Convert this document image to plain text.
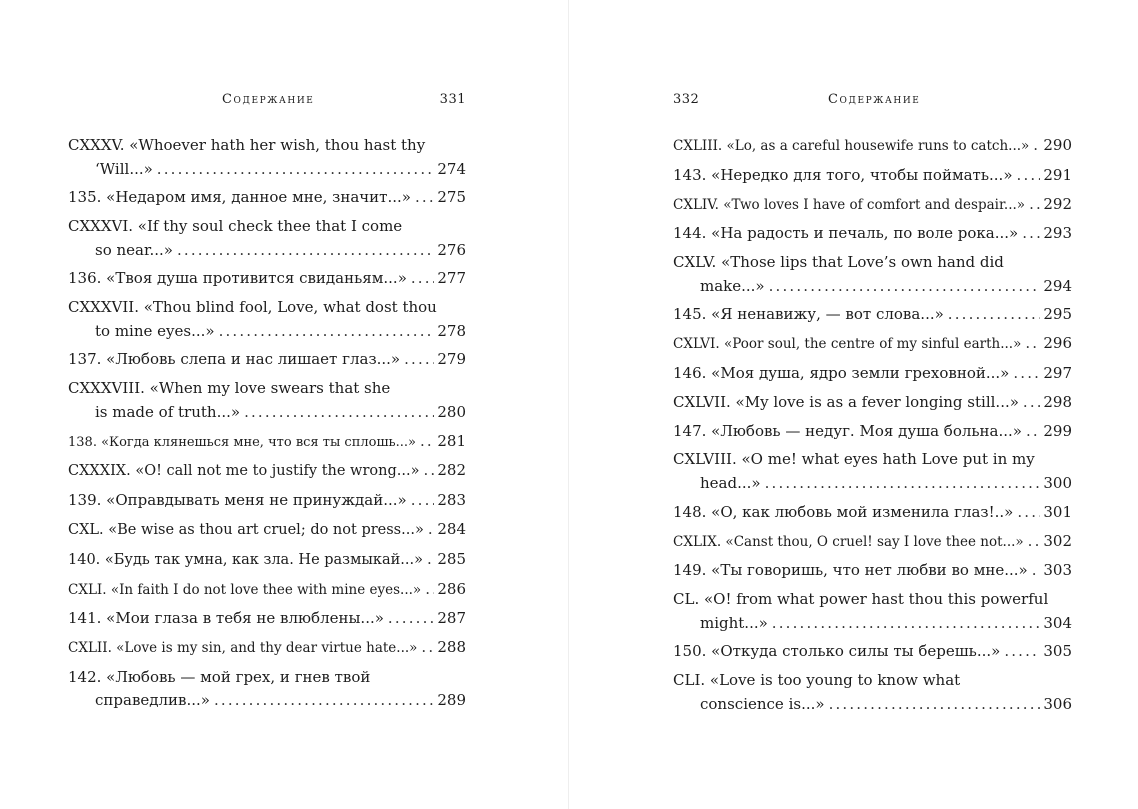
Содержание	331
CXXXV. «Whoever hath her wish, thou hast thy
‘Will...» . . .	274
135. «Недаром имя, данное мне, значит...» . . . 275
CXXXVI. «If thy soul check thee that I come
so near...» . . .	276
136. «Твоя душа противится свиданьям...» . . . 277
CXXXVII. «Thou blind fool, Love, what dost thou
to mine eyes...» . . .	278
137. «Любовь слепа и нас лишает глаз...» . . . 279
CXXXVIII. «When my love swears that she
is made of truth...» . . .	280
138. «Когда клянешься мне, что вся ты сплошь...» . . . 281
CXXXIX. «O! call not me to justify the wrong...» . . . 282
139. «Оправдывать меня не принуждай...» . . . 283
CXL. «Be wise as thou art cruel; do not press...» . . . 284
140. «Будь так умна, как зла. Не размыкай...» . . . 285
CXLI. «In faith I do not love thee with mine eyes...» . . . 286
141. «Мои глаза в тебя не влюблены...» . . .	287
CXLII. «Love is my sin, and thy dear virtue hate...» . . . 288
142. «Любовь — мой грех, и гнев твой
справедлив...» . . .	289
332	Содержание
CXLIII. «Lo, as a careful housewife runs to catch...» . . . 290
143. «Нередко для того, чтобы поймать...» . . . 291
CXLIV. «Two loves I have of comfort and despair...» . . . 292
144. «На радость и печаль, по воле рока...» . . . 293
CXLV. «Those lips that Love’s own hand did
make...» . . .	294
145. «Я ненавижу, — вот слова...» . . .	295
CXLVI. «Poor soul, the centre of my sinful earth...» . . . 296
146. «Моя душа, ядро земли греховной...» . . . 297
CXLVII. «My love is as a fever longing still...» . . . 298
147. «Любовь — недуг. Моя душа больна...» . . . 299
CXLVIII. «O me! what eyes hath Love put in my
head...» . . .	300
148. «О, как любовь мой изменила глаз!..» . . . 301
CXLIX. «Canst thou, O cruel! say I love thee not...» . . . 302
149. «Ты говоришь, что нет любви во мне...» . . . 303
CL. «O! from what power hast thou this powerful
might...» . . .	304
150. «Откуда столько силы ты берешь...» . . .	305
CLI. «Love is too young to know what
conscience is...» . . .	306
